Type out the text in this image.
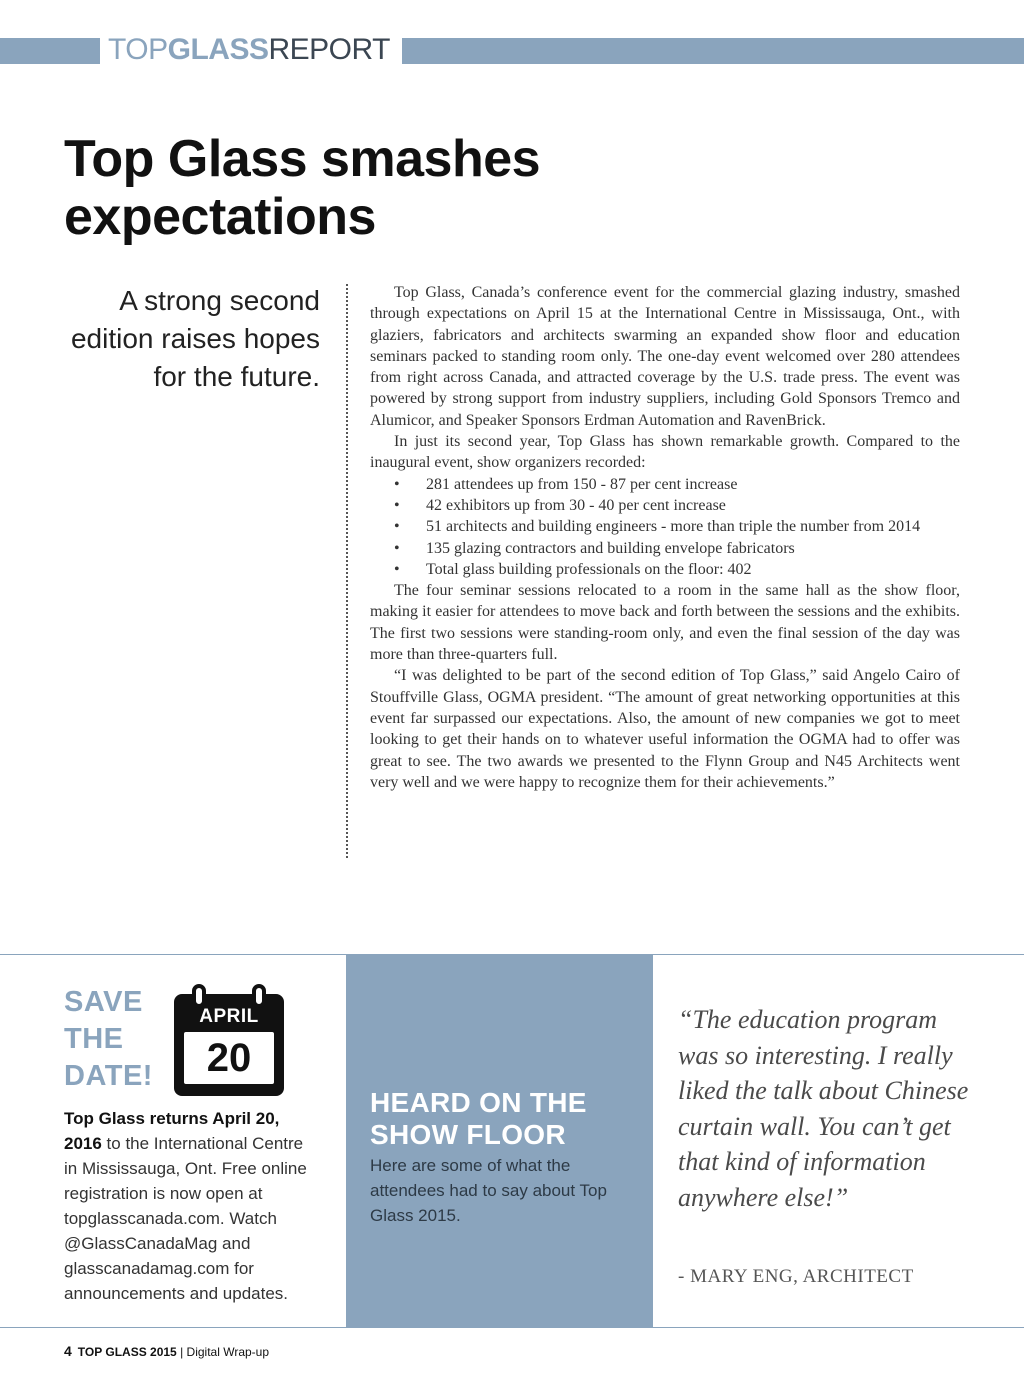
TOPGLASSREPORT
Top Glass smashes
expectations
A strong second
edition raises hopes
for the future.

Top Glass, Canada’s conference event for the commercial glazing industry, smashed through expectations on April 15 at the International Centre in Mississauga, Ont., with glaziers, fabricators and architects swarming an expanded show floor and education seminars packed to standing room only. The one-day event welcomed over 280 attendees from right across Canada, and attracted coverage by the U.S. trade press. The event was powered by strong support from industry suppliers, including Gold Sponsors Tremco and Alumicor, and Speaker Sponsors Erdman Automation and RavenBrick.

In just its second year, Top Glass has shown remarkable growth. Compared to the inaugural event, show organizers recorded:

• 281 attendees up from 150 - 87 per cent increase
• 42 exhibitors up from 30 - 40 per cent increase
• 51 architects and building engineers - more than triple the number from 2014
• 135 glazing contractors and building envelope fabricators
• Total glass building professionals on the floor: 402

The four seminar sessions relocated to a room in the same hall as the show floor, making it easier for attendees to move back and forth between the sessions and the exhibits. The first two sessions were standing-room only, and even the final session of the day was more than three-quarters full.

“I was delighted to be part of the second edition of Top Glass,” said Angelo Cairo of Stouffville Glass, OGMA president. “The amount of great networking opportunities at this event far surpassed our expectations. Also, the amount of new companies we got to meet looking to get their hands on to whatever useful information the OGMA had to offer was great to see. The two awards we presented to the Flynn Group and N45 Architects went very well and we were happy to recognize them for their achievements.”

SAVE
THE
DATE!
APRIL
20
Top Glass returns April 20, 2016 to the International Centre in Mississauga, Ont. Free online registration is now open at topglasscanada.com. Watch @GlassCanadaMag and glasscanadamag.com for announcements and updates.
HEARD ON THE
SHOW FLOOR
Here are some of what the attendees had to say about Top Glass 2015.
“The education program was so interesting. I really liked the talk about Chinese curtain wall. You can’t get that kind of information anywhere else!”
- MARY ENG, ARCHITECT
4 TOP GLASS 2015 | Digital Wrap-up
